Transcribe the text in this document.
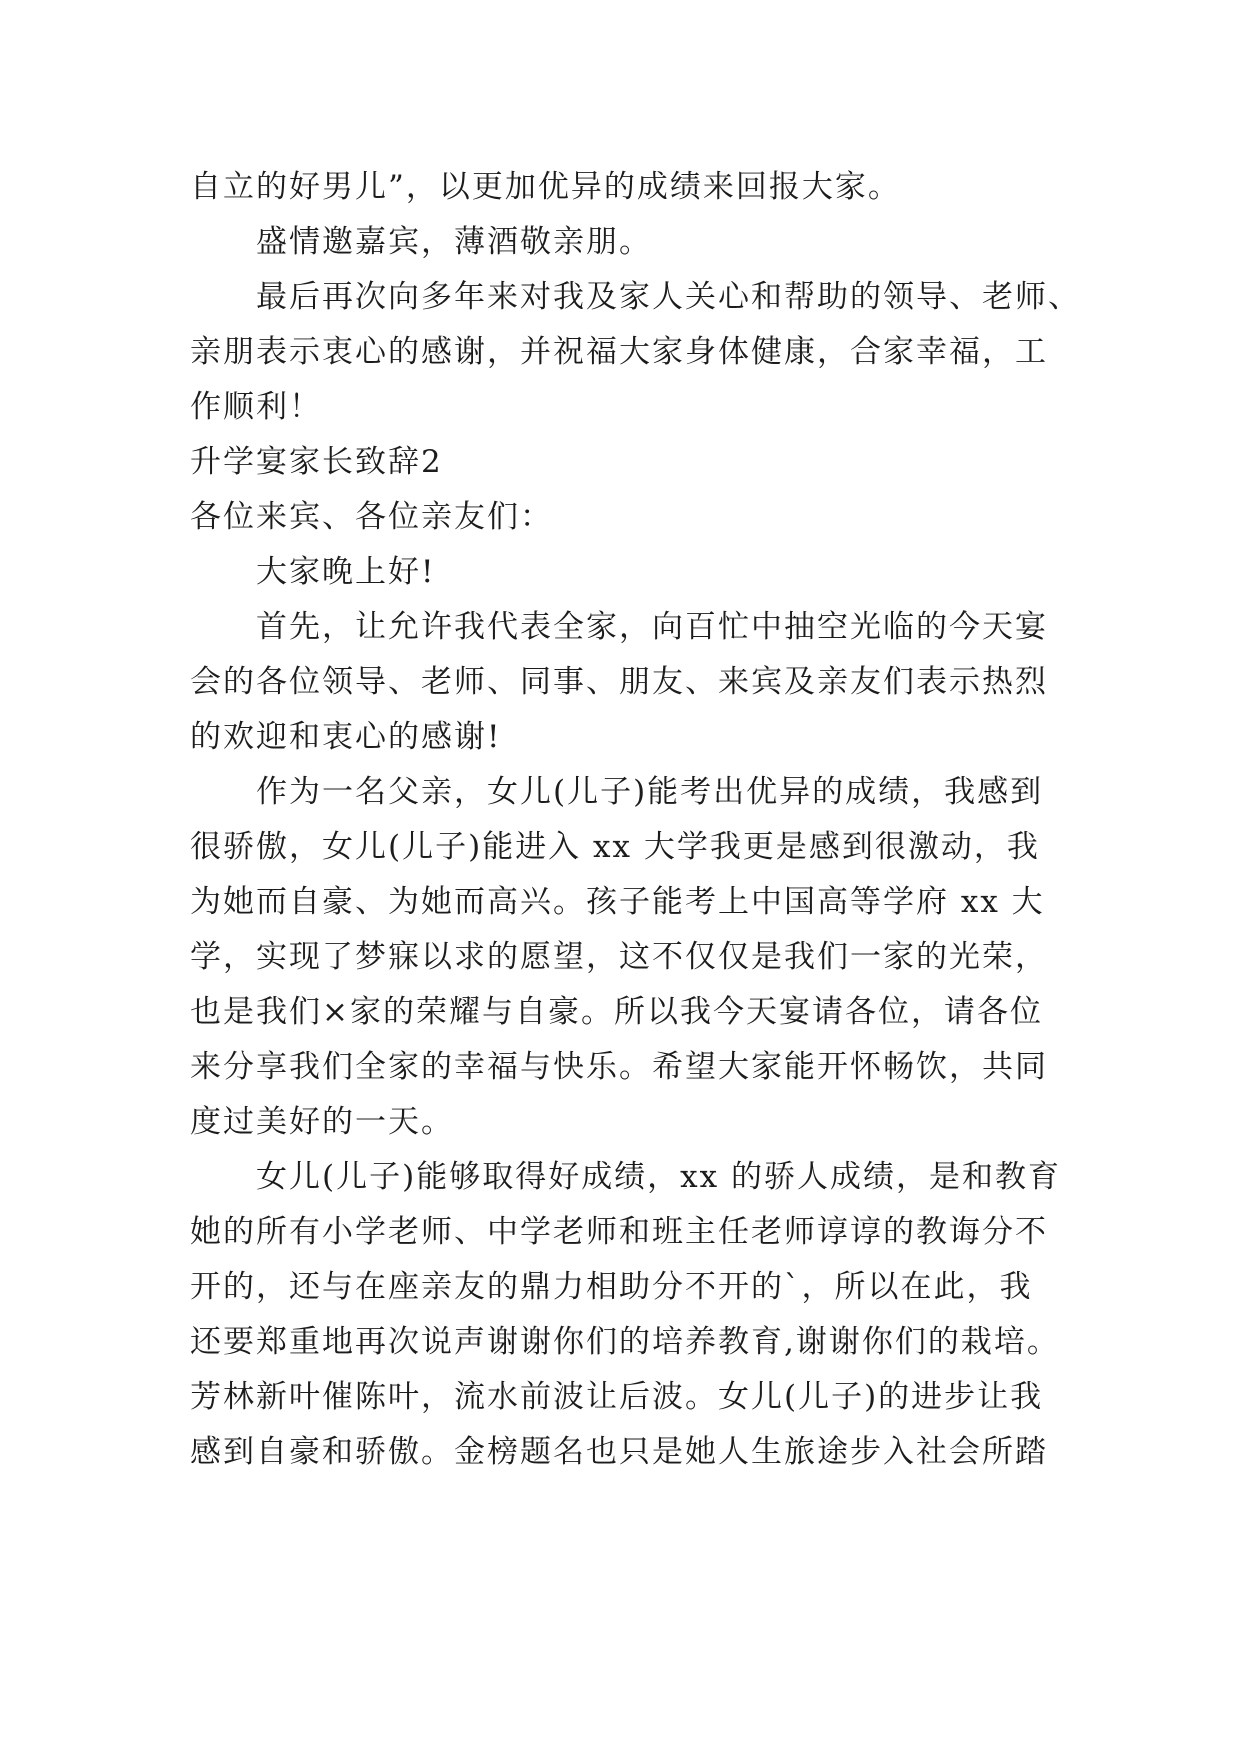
自立的好男儿”，以更加优异的成绩来回报大家。
盛情邀嘉宾，薄酒敬亲朋。
最后再次向多年来对我及家人关心和帮助的领导、老师、
亲朋表示衷心的感谢，并祝福大家身体健康，合家幸福，工
作顺利！
升学宴家长致辞2
各位来宾、各位亲友们：
大家晚上好!
首先，让允许我代表全家，向百忙中抽空光临的今天宴
会的各位领导、老师、同事、朋友、来宾及亲友们表示热烈
的欢迎和衷心的感谢!
作为一名父亲，女儿(儿子)能考出优异的成绩，我感到
很骄傲，女儿(儿子)能进入 xx 大学我更是感到很激动，我
为她而自豪、为她而高兴。孩子能考上中国高等学府 xx 大
学，实现了梦寐以求的愿望，这不仅仅是我们一家的光荣，
也是我们×家的荣耀与自豪。所以我今天宴请各位，请各位
来分享我们全家的幸福与快乐。希望大家能开怀畅饮，共同
度过美好的一天。
女儿(儿子)能够取得好成绩，xx 的骄人成绩，是和教育
她的所有小学老师、中学老师和班主任老师谆谆的教诲分不
开的，还与在座亲友的鼎力相助分不开的`，所以在此，我
还要郑重地再次说声谢谢你们的培养教育,谢谢你们的栽培。
芳林新叶催陈叶，流水前波让后波。女儿(儿子)的进步让我
感到自豪和骄傲。金榜题名也只是她人生旅途步入社会所踏
